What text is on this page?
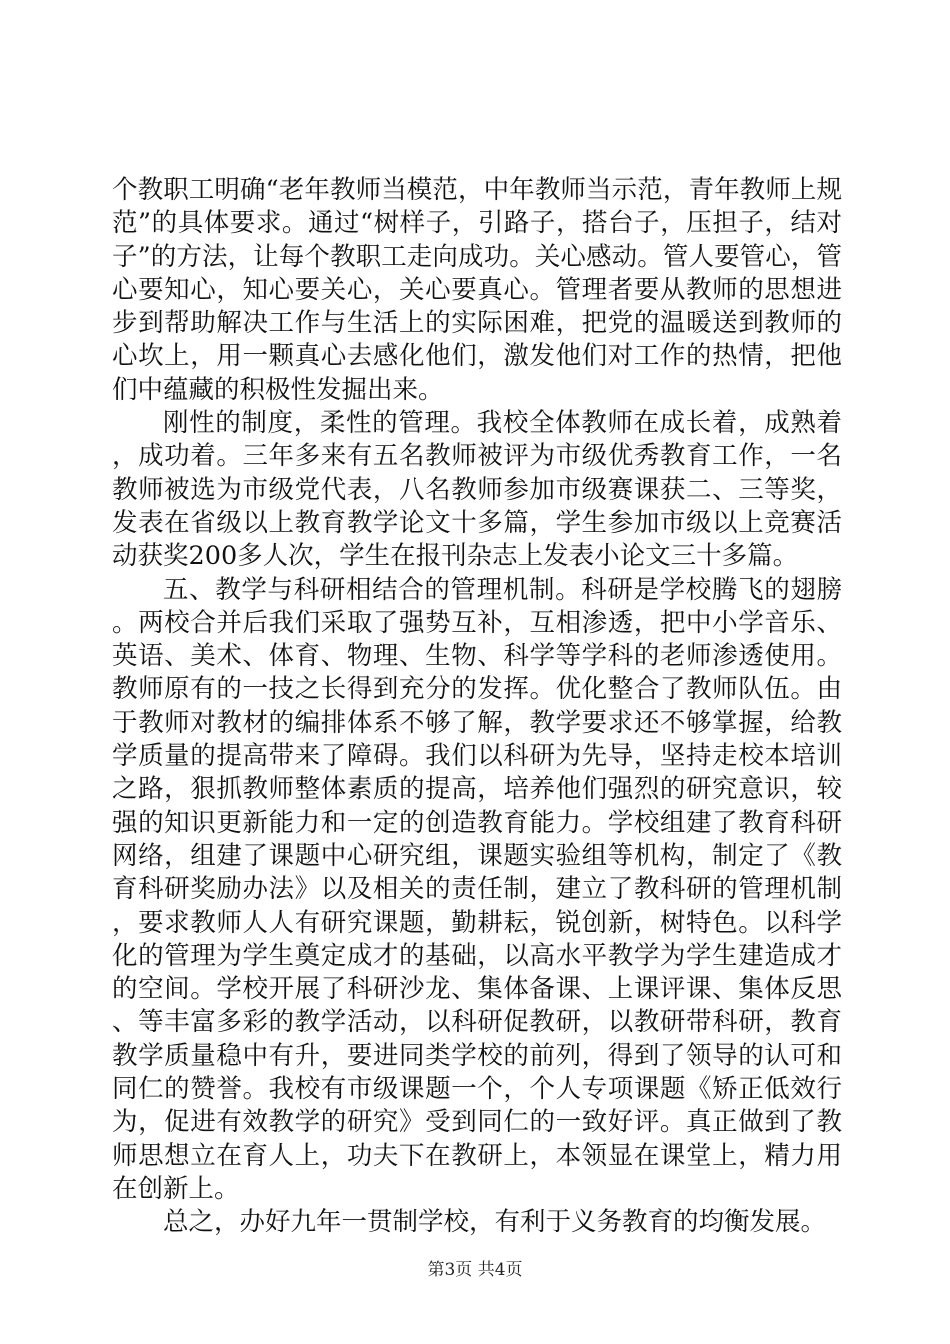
个教职工明确“老年教师当模范，中年教师当示范，青年教师上规范”的具体要求。通过“树样子，引路子，搭台子，压担子，结对子”的方法，让每个教职工走向成功。关心感动。管人要管心，管心要知心，知心要关心，关心要真心。管理者要从教师的思想进步到帮助解决工作与生活上的实际困难，把党的温暖送到教师的心坎上，用一颗真心去感化他们，激发他们对工作的热情，把他们中蕴藏的积极性发掘出来。

刚性的制度，柔性的管理。我校全体教师在成长着，成熟着，成功着。三年多来有五名教师被评为市级优秀教育工作，一名教师被选为市级党代表，八名教师参加市级赛课获二、三等奖，发表在省级以上教育教学论文十多篇，学生参加市级以上竞赛活动获奖200多人次，学生在报刊杂志上发表小论文三十多篇。

五、教学与科研相结合的管理机制。科研是学校腾飞的翅膀。两校合并后我们采取了强势互补，互相渗透，把中小学音乐、英语、美术、体育、物理、生物、科学等学科的老师渗透使用。教师原有的一技之长得到充分的发挥。优化整合了教师队伍。由于教师对教材的编排体系不够了解，教学要求还不够掌握，给教学质量的提高带来了障碍。我们以科研为先导，坚持走校本培训之路，狠抓教师整体素质的提高，培养他们强烈的研究意识，较强的知识更新能力和一定的创造教育能力。学校组建了教育科研网络，组建了课题中心研究组，课题实验组等机构，制定了《教育科研奖励办法》以及相关的责任制，建立了教科研的管理机制，要求教师人人有研究课题，勤耕耘，锐创新，树特色。以科学化的管理为学生奠定成才的基础，以高水平教学为学生建造成才的空间。学校开展了科研沙龙、集体备课、上课评课、集体反思、等丰富多彩的教学活动，以科研促教研，以教研带科研，教育教学质量稳中有升，要进同类学校的前列，得到了领导的认可和同仁的赞誉。我校有市级课题一个，个人专项课题《矫正低效行为，促进有效教学的研究》受到同仁的一致好评。真正做到了教师思想立在育人上，功夫下在教研上，本领显在课堂上，精力用在创新上。

总之，办好九年一贯制学校，有利于义务教育的均衡发展。

第3页 共4页
